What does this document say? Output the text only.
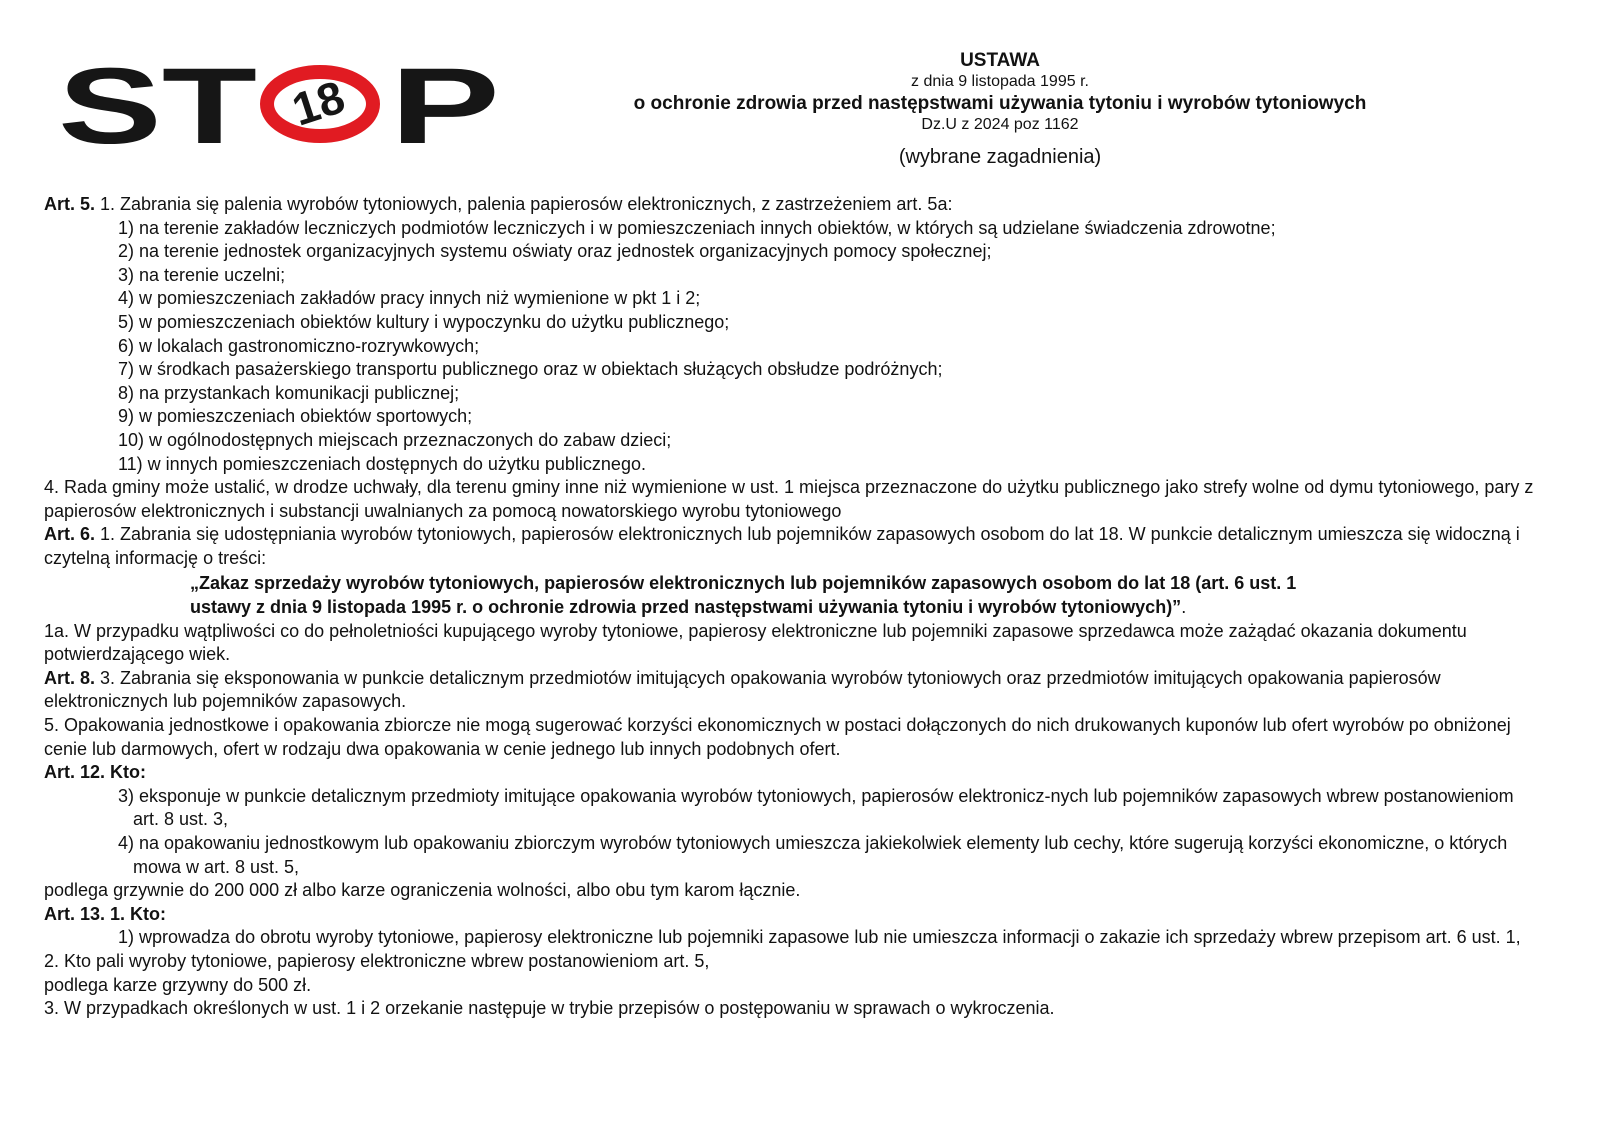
ST 18 P	USTAWA
z dnia 9 listopada 1995 r.
o ochronie zdrowia przed następstwami używania tytoniu i wyrobów tytoniowych
Dz.U z 2024 poz 1162
(wybrane zagadnienia)
Art. 5. 1. Zabrania się palenia wyrobów tytoniowych, palenia papierosów elektronicznych, z zastrzeżeniem art. 5a:
1) na terenie zakładów leczniczych podmiotów leczniczych i w pomieszczeniach innych obiektów, w których są udzielane świadczenia zdrowotne;
2) na terenie jednostek organizacyjnych systemu oświaty oraz jednostek organizacyjnych pomocy społecznej;
3) na terenie uczelni;
4) w pomieszczeniach zakładów pracy innych niż wymienione w pkt 1 i 2;
5) w pomieszczeniach obiektów kultury i wypoczynku do użytku publicznego;
6) w lokalach gastronomiczno-rozrywkowych;
7) w środkach pasażerskiego transportu publicznego oraz w obiektach służących obsłudze podróżnych;
8) na przystankach komunikacji publicznej;
9) w pomieszczeniach obiektów sportowych;
10) w ogólnodostępnych miejscach przeznaczonych do zabaw dzieci;
11) w innych pomieszczeniach dostępnych do użytku publicznego.
4. Rada gminy może ustalić, w drodze uchwały, dla terenu gminy inne niż wymienione w ust. 1 miejsca przeznaczone do użytku publicznego jako strefy wolne od dymu tytoniowego, pary z papierosów elektronicznych i substancji uwalnianych za pomocą nowatorskiego wyrobu tytoniowego
Art. 6. 1. Zabrania się udostępniania wyrobów tytoniowych, papierosów elektronicznych lub pojemników zapasowych osobom do lat 18. W punkcie detalicznym umieszcza się widoczną i czytelną informację o treści:
„Zakaz sprzedaży wyrobów tytoniowych, papierosów elektronicznych lub pojemników zapasowych osobom do lat 18 (art. 6 ust. 1
ustawy z dnia 9 listopada 1995 r. o ochronie zdrowia przed następstwami używania tytoniu i wyrobów tytoniowych)”.
1a. W przypadku wątpliwości co do pełnoletniości kupującego wyroby tytoniowe, papierosy elektroniczne lub pojemniki zapasowe sprzedawca może zażądać okazania dokumentu potwierdzającego wiek.
Art. 8. 3. Zabrania się eksponowania w punkcie detalicznym przedmiotów imitujących opakowania wyrobów tytoniowych oraz przedmiotów imitujących opakowania papierosów elektronicznych lub pojemników zapasowych.
5. Opakowania jednostkowe i opakowania zbiorcze nie mogą sugerować korzyści ekonomicznych w postaci dołączonych do nich drukowanych kuponów lub ofert wyrobów po obniżonej cenie lub darmowych, ofert w rodzaju dwa opakowania w cenie jednego lub innych podobnych ofert.
Art. 12. Kto:
3) eksponuje w punkcie detalicznym przedmioty imitujące opakowania wyrobów tytoniowych, papierosów elektronicz-nych lub pojemników zapasowych wbrew postanowieniom art. 8 ust. 3,
4) na opakowaniu jednostkowym lub opakowaniu zbiorczym wyrobów tytoniowych umieszcza jakiekolwiek elementy lub cechy, które sugerują korzyści ekonomiczne, o których mowa w art. 8 ust. 5,
podlega grzywnie do 200 000 zł albo karze ograniczenia wolności, albo obu tym karom łącznie.
Art. 13. 1. Kto:
1) wprowadza do obrotu wyroby tytoniowe, papierosy elektroniczne lub pojemniki zapasowe lub nie umieszcza informacji o zakazie ich sprzedaży wbrew przepisom art. 6 ust. 1,
2. Kto pali wyroby tytoniowe, papierosy elektroniczne wbrew postanowieniom art. 5,
podlega karze grzywny do 500 zł.
3. W przypadkach określonych w ust. 1 i 2 orzekanie następuje w trybie przepisów o postępowaniu w sprawach o wykroczenia.
